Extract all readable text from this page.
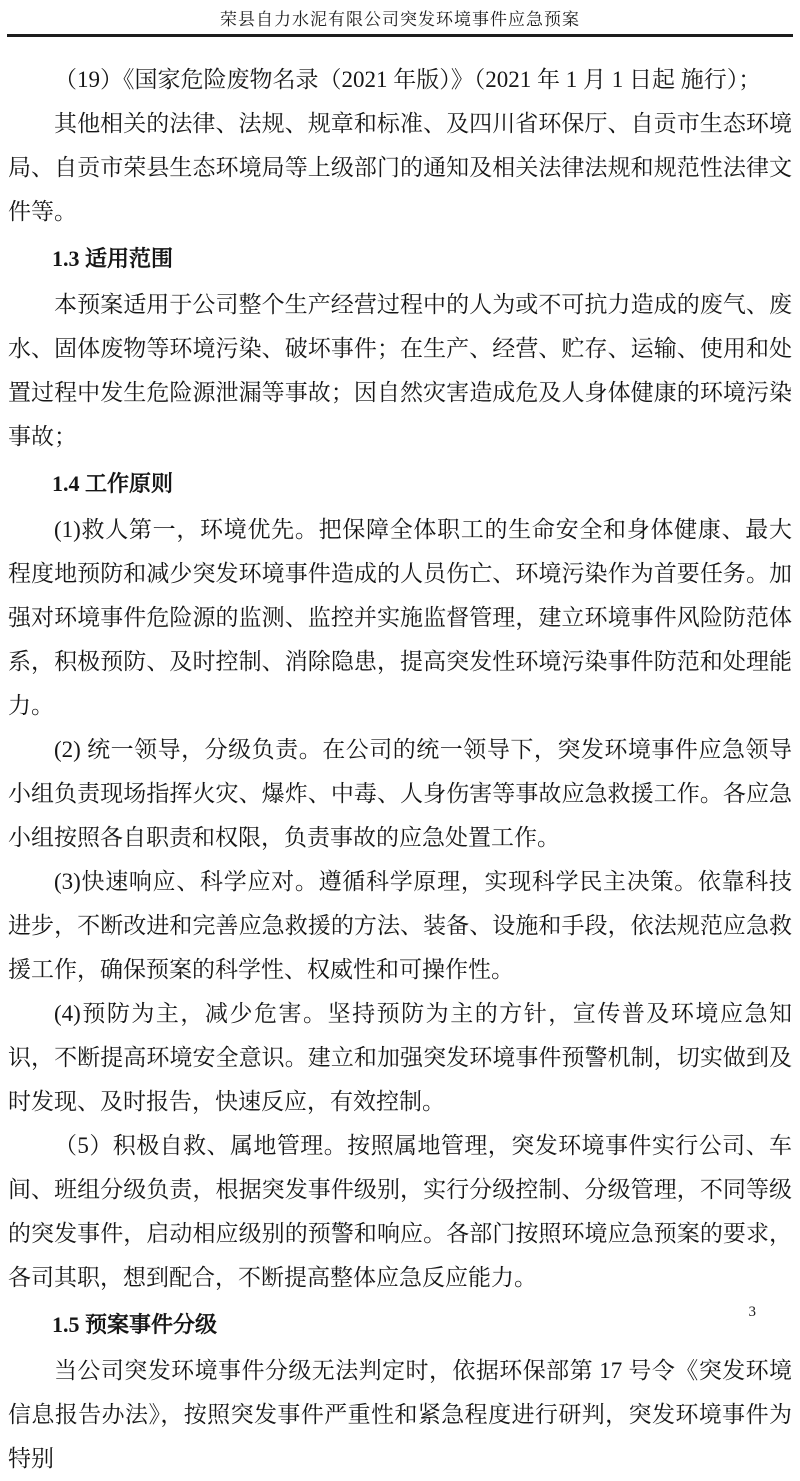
荣县自力水泥有限公司突发环境事件应急预案

（19）《国家危险废物名录（2021 年版）》（2021 年 1 月 1 日起 施行）；

其他相关的法律、法规、规章和标准、及四川省环保厅、自贡市生态环境局、自贡市荣县生态环境局等上级部门的通知及相关法律法规和规范性法律文件等。

1.3 适用范围

本预案适用于公司整个生产经营过程中的人为或不可抗力造成的废气、废水、固体废物等环境污染、破坏事件；在生产、经营、贮存、运输、使用和处置过程中发生危险源泄漏等事故；因自然灾害造成危及人身体健康的环境污染事故；

1.4 工作原则

(1)救人第一，环境优先。把保障全体职工的生命安全和身体健康、最大程度地预防和减少突发环境事件造成的人员伤亡、环境污染作为首要任务。加强对环境事件危险源的监测、监控并实施监督管理，建立环境事件风险防范体系，积极预防、及时控制、消除隐患，提高突发性环境污染事件防范和处理能力。

(2) 统一领导，分级负责。在公司的统一领导下，突发环境事件应急领导小组负责现场指挥火灾、爆炸、中毒、人身伤害等事故应急救援工作。各应急小组按照各自职责和权限，负责事故的应急处置工作。

(3)快速响应、科学应对。遵循科学原理，实现科学民主决策。依靠科技进步，不断改进和完善应急救援的方法、装备、设施和手段，依法规范应急救援工作，确保预案的科学性、权威性和可操作性。

(4)预防为主，减少危害。坚持预防为主的方针，宣传普及环境应急知识，不断提高环境安全意识。建立和加强突发环境事件预警机制，切实做到及时发现、及时报告，快速反应，有效控制。

（5）积极自救、属地管理。按照属地管理，突发环境事件实行公司、车间、班组分级负责，根据突发事件级别，实行分级控制、分级管理，不同等级的突发事件，启动相应级别的预警和响应。各部门按照环境应急预案的要求，各司其职，想到配合，不断提高整体应急反应能力。

1.5 预案事件分级

当公司突发环境事件分级无法判定时，依据环保部第 17 号令《突发环境信息报告办法》，按照突发事件严重性和紧急程度进行研判，突发环境事件为特别

3
